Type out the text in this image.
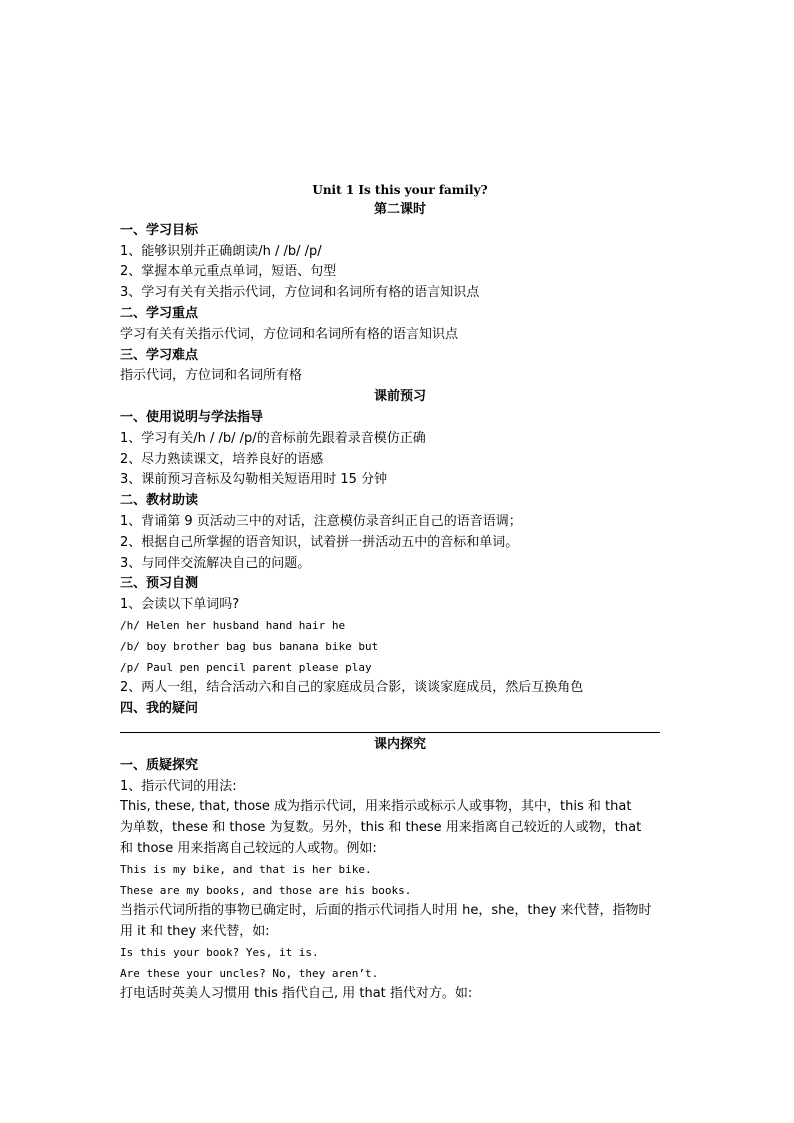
Unit 1 Is this your family?
第二课时
一、学习目标
1、能够识别并正确朗读/h / /b/ /p/
2、掌握本单元重点单词，短语、句型
3、学习有关有关指示代词，方位词和名词所有格的语言知识点
二、学习重点
学习有关有关指示代词，方位词和名词所有格的语言知识点
三、学习难点
指示代词，方位词和名词所有格
课前预习
一、使用说明与学法指导
1、学习有关/h / /b/ /p/的音标前先跟着录音模仿正确
2、尽力熟读课文，培养良好的语感
3、课前预习音标及勾勒相关短语用时 15 分钟
二、教材助读
1、背诵第 9 页活动三中的对话，注意模仿录音纠正自己的语音语调；
2、根据自己所掌握的语音知识，试着拼一拼活动五中的音标和单词。
3、与同伴交流解决自己的问题。
三、预习自测
1、会读以下单词吗?
/h/ Helen her husband hand hair he
/b/ boy brother bag bus banana bike but
/p/ Paul pen pencil parent please play
2、两人一组，结合活动六和自己的家庭成员合影，谈谈家庭成员，然后互换角色
四、我的疑问
课内探究
一、质疑探究
1、指示代词的用法:
This, these, that, those 成为指示代词，用来指示或标示人或事物，其中，this 和 that
为单数，these 和 those 为复数。另外，this 和 these 用来指离自己较近的人或物，that
和 those 用来指离自己较远的人或物。例如:
This is my bike, and that is her bike.
These are my books, and those are his books.
当指示代词所指的事物已确定时，后面的指示代词指人时用 he，she，they 来代替，指物时
用 it 和 they 来代替，如:
Is this your book? Yes, it is.
Are these your uncles? No, they aren’t.
打电话时英美人习惯用 this 指代自己, 用 that 指代对方。如:
